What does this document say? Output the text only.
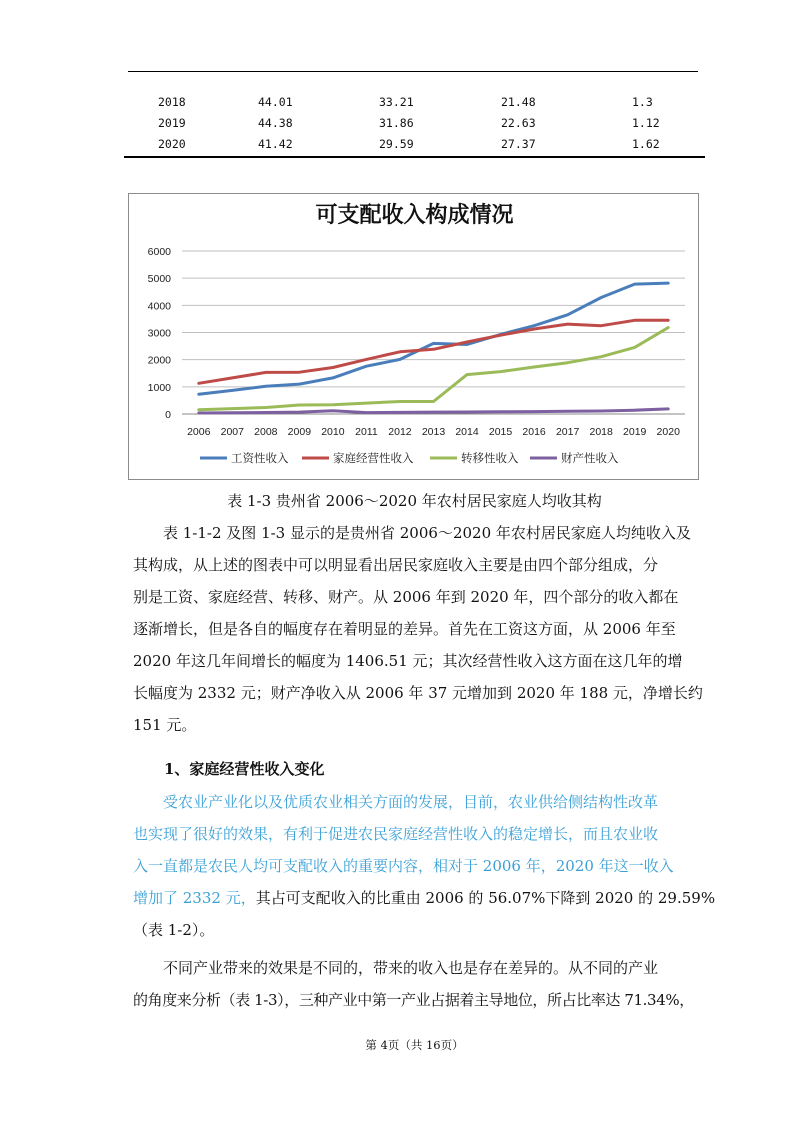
2018	44.01	33.21	21.48	1.3
2019	44.38	31.86	22.63	1.12
2020	41.42	29.59	27.37	1.62
可支配收入构成情况
0
1000
2000
3000
4000
5000
6000
2006 2007 2008 2009 2010 2011 2012 2013 2014 2015 2016 2017 2018 2019 2020
工资性收入	家庭经营性收入	转移性收入	财产性收入
表 1-3 贵州省 2006～2020 年农村居民家庭人均收其构
表 1-1-2 及图 1-3 显示的是贵州省 2006～2020 年农村居民家庭人均纯收入及
其构成，从上述的图表中可以明显看出居民家庭收入主要是由四个部分组成，分
别是工资、家庭经营、转移、财产。从 2006 年到 2020 年，四个部分的收入都在
逐渐增长，但是各自的幅度存在着明显的差异。首先在工资这方面，从 2006 年至
2020 年这几年间增长的幅度为 1406.51 元；其次经营性收入这方面在这几年的增
长幅度为 2332 元；财产净收入从 2006 年 37 元增加到 2020 年 188 元，净增长约
151 元。
1、家庭经营性收入变化
受农业产业化以及优质农业相关方面的发展，目前，农业供给侧结构性改革
也实现了很好的效果，有利于促进农民家庭经营性收入的稳定增长，而且农业收
入一直都是农民人均可支配收入的重要内容，相对于 2006 年，2020 年这一收入
增加了 2332 元，其占可支配收入的比重由 2006 的 56.07%下降到 2020 的 29.59%
（表 1-2）。
不同产业带来的效果是不同的，带来的收入也是存在差异的。从不同的产业
的角度来分析（表 1-3），三种产业中第一产业占据着主导地位，所占比率达 71.34%，
第 4页（共 16页）
